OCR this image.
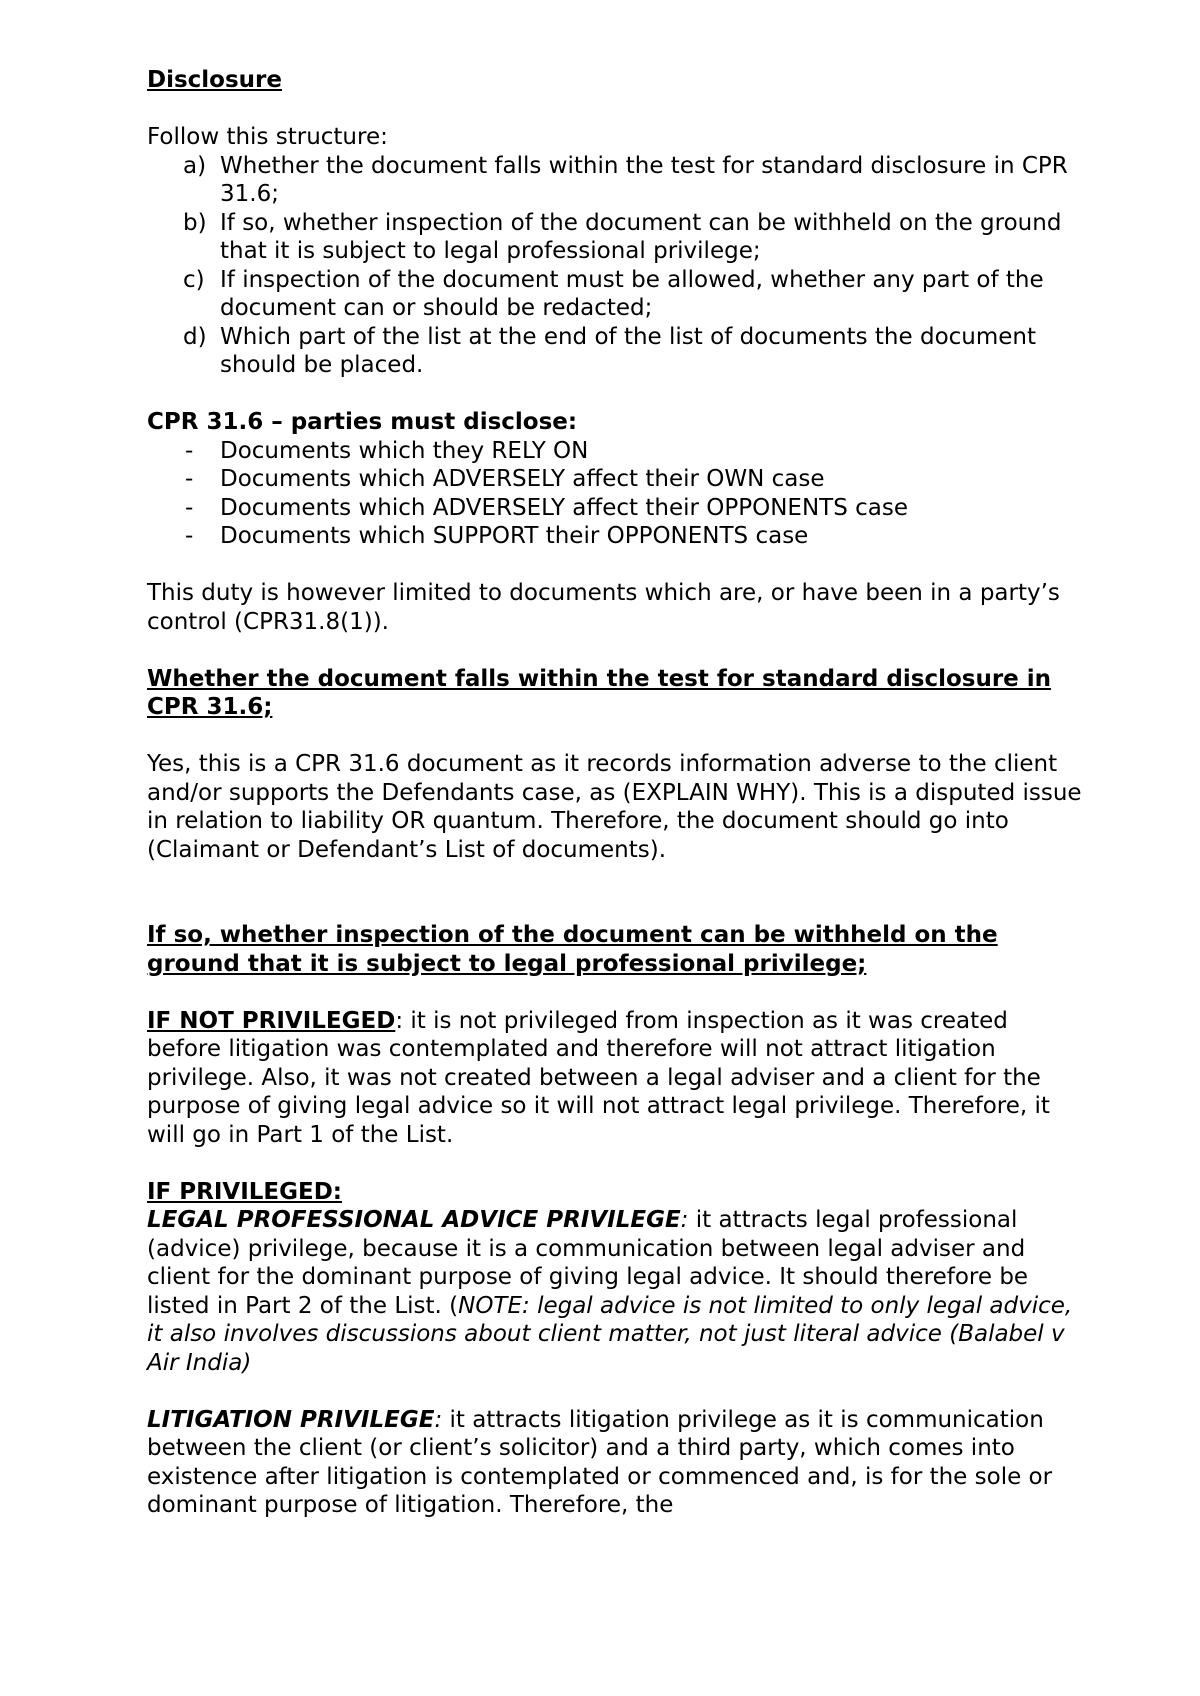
Disclosure

Follow this structure:

a) Whether the document falls within the test for standard disclosure in CPR 31.6;
b) If so, whether inspection of the document can be withheld on the ground that it is subject to legal professional privilege;
c) If inspection of the document must be allowed, whether any part of the document can or should be redacted;
d) Which part of the list at the end of the list of documents the document should be placed.

CPR 31.6 – parties must disclose:

- Documents which they RELY ON
- Documents which ADVERSELY affect their OWN case
- Documents which ADVERSELY affect their OPPONENTS case
- Documents which SUPPORT their OPPONENTS case

This duty is however limited to documents which are, or have been in a party’s control (CPR31.8(1)).

Whether the document falls within the test for standard disclosure in CPR 31.6;

Yes, this is a CPR 31.6 document as it records information adverse to the client and/or supports the Defendants case, as (EXPLAIN WHY). This is a disputed issue in relation to liability OR quantum. Therefore, the document should go into (Claimant or Defendant’s List of documents).

If so, whether inspection of the document can be withheld on the ground that it is subject to legal professional privilege;

IF NOT PRIVILEGED: it is not privileged from inspection as it was created before litigation was contemplated and therefore will not attract litigation privilege. Also, it was not created between a legal adviser and a client for the purpose of giving legal advice so it will not attract legal privilege. Therefore, it will go in Part 1 of the List.

IF PRIVILEGED:

LEGAL PROFESSIONAL ADVICE PRIVILEGE: it attracts legal professional (advice) privilege, because it is a communication between legal adviser and client for the dominant purpose of giving legal advice. It should therefore be listed in Part 2 of the List. (NOTE: legal advice is not limited to only legal advice, it also involves discussions about client matter, not just literal advice (Balabel v Air India)

LITIGATION PRIVILEGE: it attracts litigation privilege as it is communication between the client (or client’s solicitor) and a third party, which comes into existence after litigation is contemplated or commenced and, is for the sole or dominant purpose of litigation. Therefore, the
